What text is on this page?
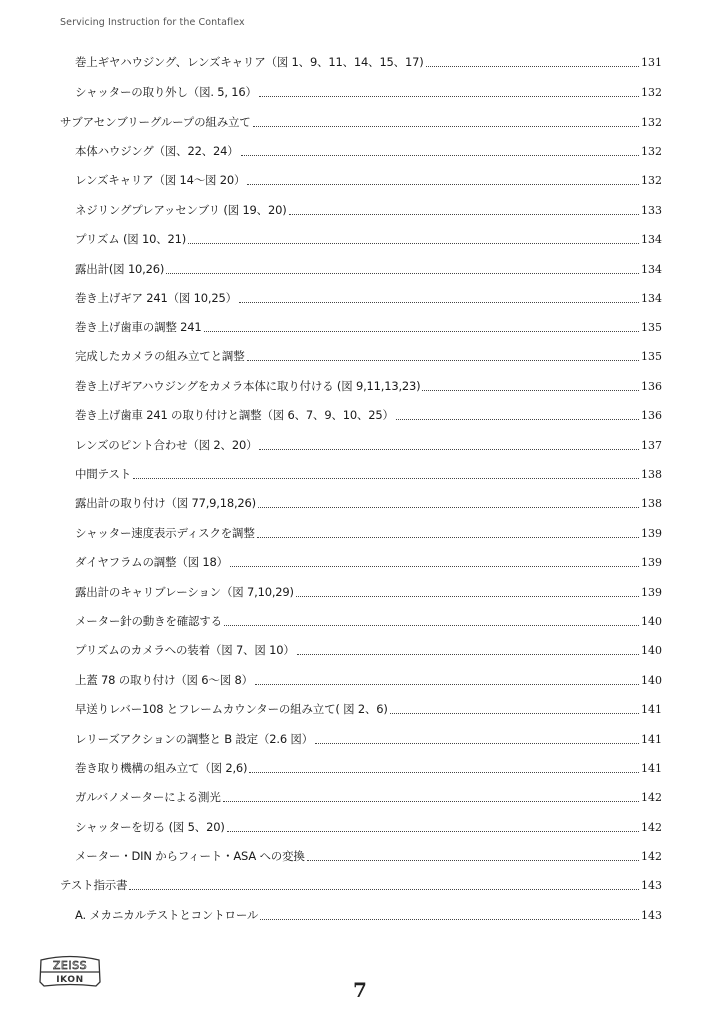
Servicing Instruction for the Contaflex
巻上ギヤハウジング、レンズキャリア（図 1、9、11、14、15、17)	131
シャッターの取り外し（図. 5, 16）	132
サブアセンブリーグループの組み立て	132
本体ハウジング（図、22、24）	132
レンズキャリア（図 14～図 20）	132
ネジリングプレアッセンブリ (図 19、20)	133
プリズム (図 10、21)	134
露出計(図 10,26)	134
巻き上げギア 241（図 10,25）	134
巻き上げ歯車の調整 241	135
完成したカメラの組み立てと調整	135
巻き上げギアハウジングをカメラ本体に取り付ける (図 9,11,13,23)	136
巻き上げ歯車 241 の取り付けと調整（図 6、7、9、10、25）	136
レンズのピント合わせ（図 2、20）	137
中間テスト	138
露出計の取り付け（図 77,9,18,26)	138
シャッター速度表示ディスクを調整	139
ダイヤフラムの調整（図 18）	139
露出計のキャリブレーション（図 7,10,29)	139
メーター針の動きを確認する	140
プリズムのカメラへの装着（図 7、図 10）	140
上蓋 78 の取り付け（図 6～図 8）	140
早送りレバー108 とフレームカウンターの組み立て( 図 2、6)	141
レリーズアクションの調整と B 設定（2.6 図）	141
巻き取り機構の組み立て（図 2,6)	141
ガルバノメーターによる測光	142
シャッターを切る (図 5、20)	142
メーター・DIN からフィート・ASA への変換	142
テスト指示書	143
A. メカニカルテストとコントロール	143
ZEISS
IKON	7
